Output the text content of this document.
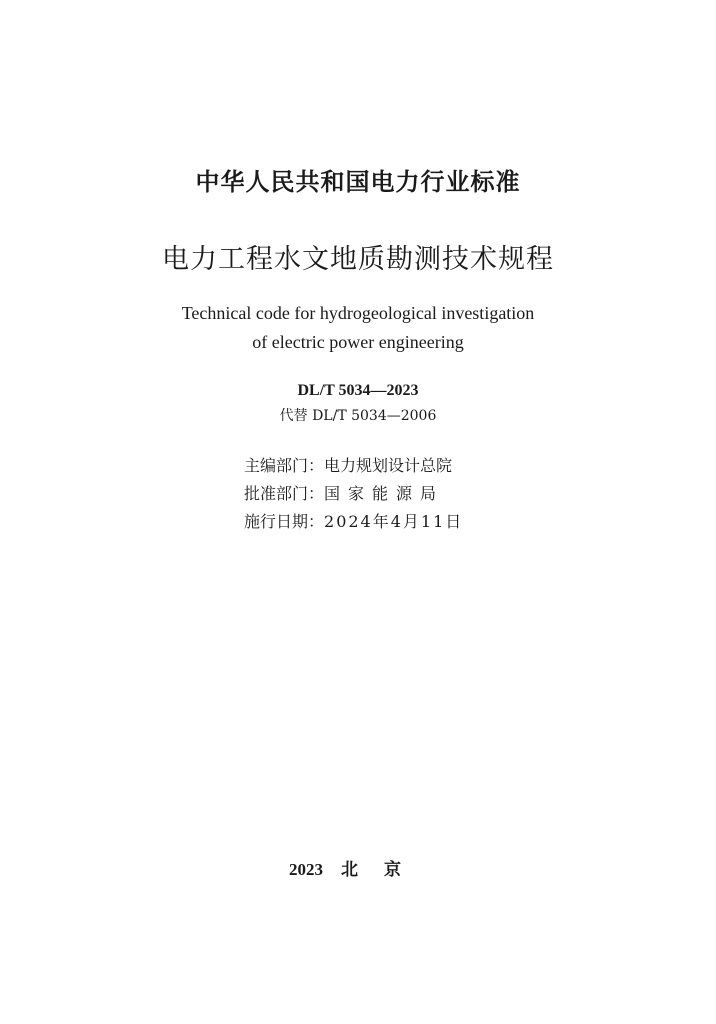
中华人民共和国电力行业标准
电力工程水文地质勘测技术规程
Technical code for hydrogeological investigation
of electric power engineering
DL/T 5034—2023
代替 DL/T 5034—2006
主编部门：电力规划设计总院
批准部门：国家能源局
施行日期：2024年4月11日
2023 北京
